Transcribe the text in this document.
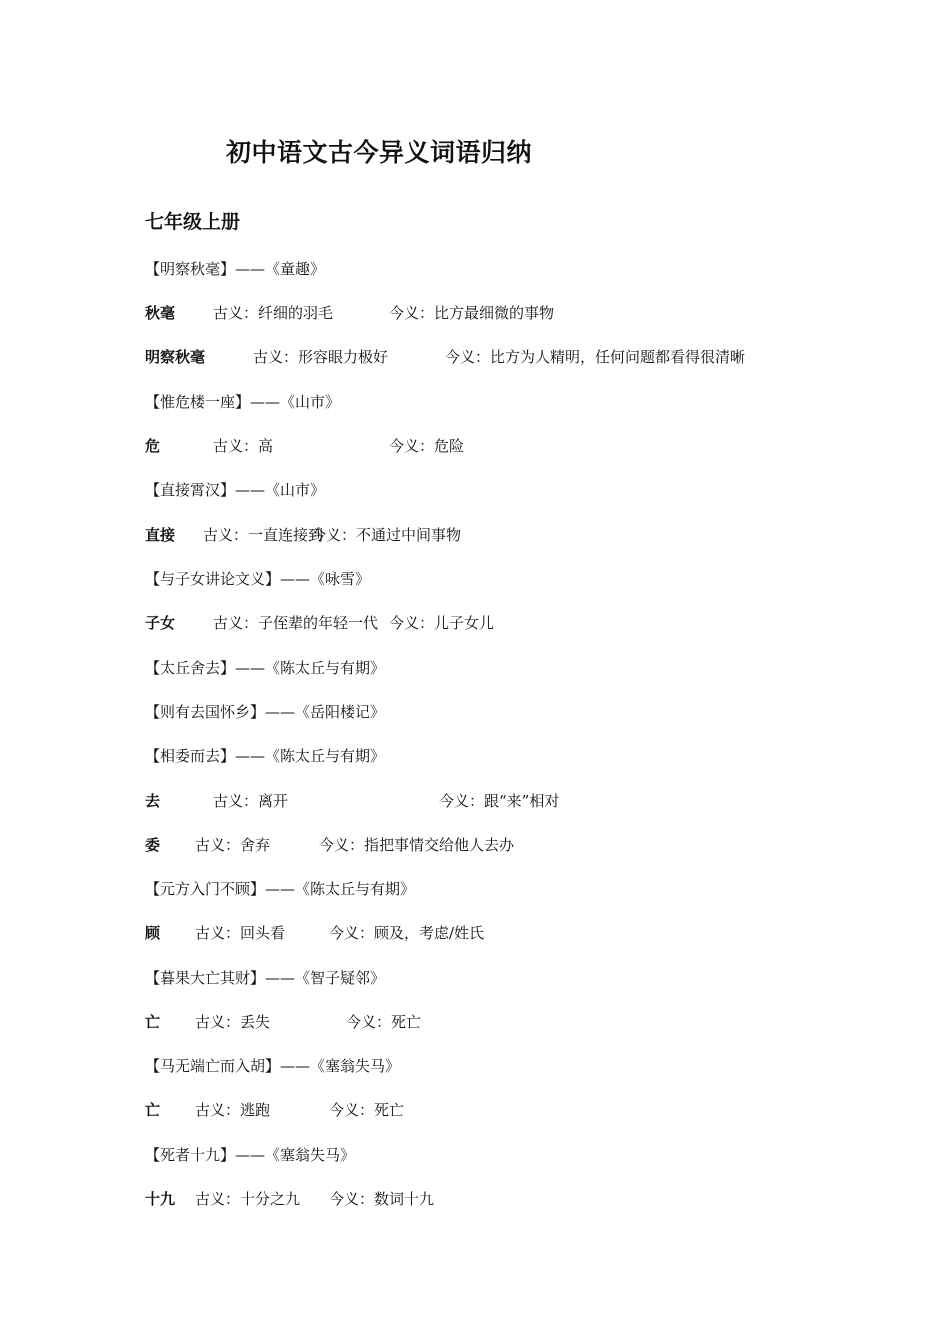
初中语文古今异义词语归纳
七年级上册
【明察秋毫】——《童趣》
秋毫	古义：纤细的羽毛	今义：比方最细微的事物
明察秋毫	古义：形容眼力极好	今义：比方为人精明，任何问题都看得很清晰
【惟危楼一座】——《山市》
危	古义：高	今义：危险
【直接霄汉】——《山市》
直接 古义：一直连接到今义：不通过中间事物
【与子女讲论文义】——《咏雪》
子女	古义：子侄辈的年轻一代 今义：儿子女儿
【太丘舍去】——《陈太丘与有期》
【则有去国怀乡】——《岳阳楼记》
【相委而去】——《陈太丘与有期》
去	古义：离开	今义：跟“来”相对
委 古义：舍弃	今义：指把事情交给他人去办
【元方入门不顾】——《陈太丘与有期》
顾 古义：回头看	今义：顾及，考虑/姓氏
【暮果大亡其财】——《智子疑邻》
亡 古义：丢失	今义：死亡
【马无端亡而入胡】——《塞翁失马》
亡 古义：逃跑	今义：死亡
【死者十九】——《塞翁失马》
十九 古义：十分之九 今义：数词十九
